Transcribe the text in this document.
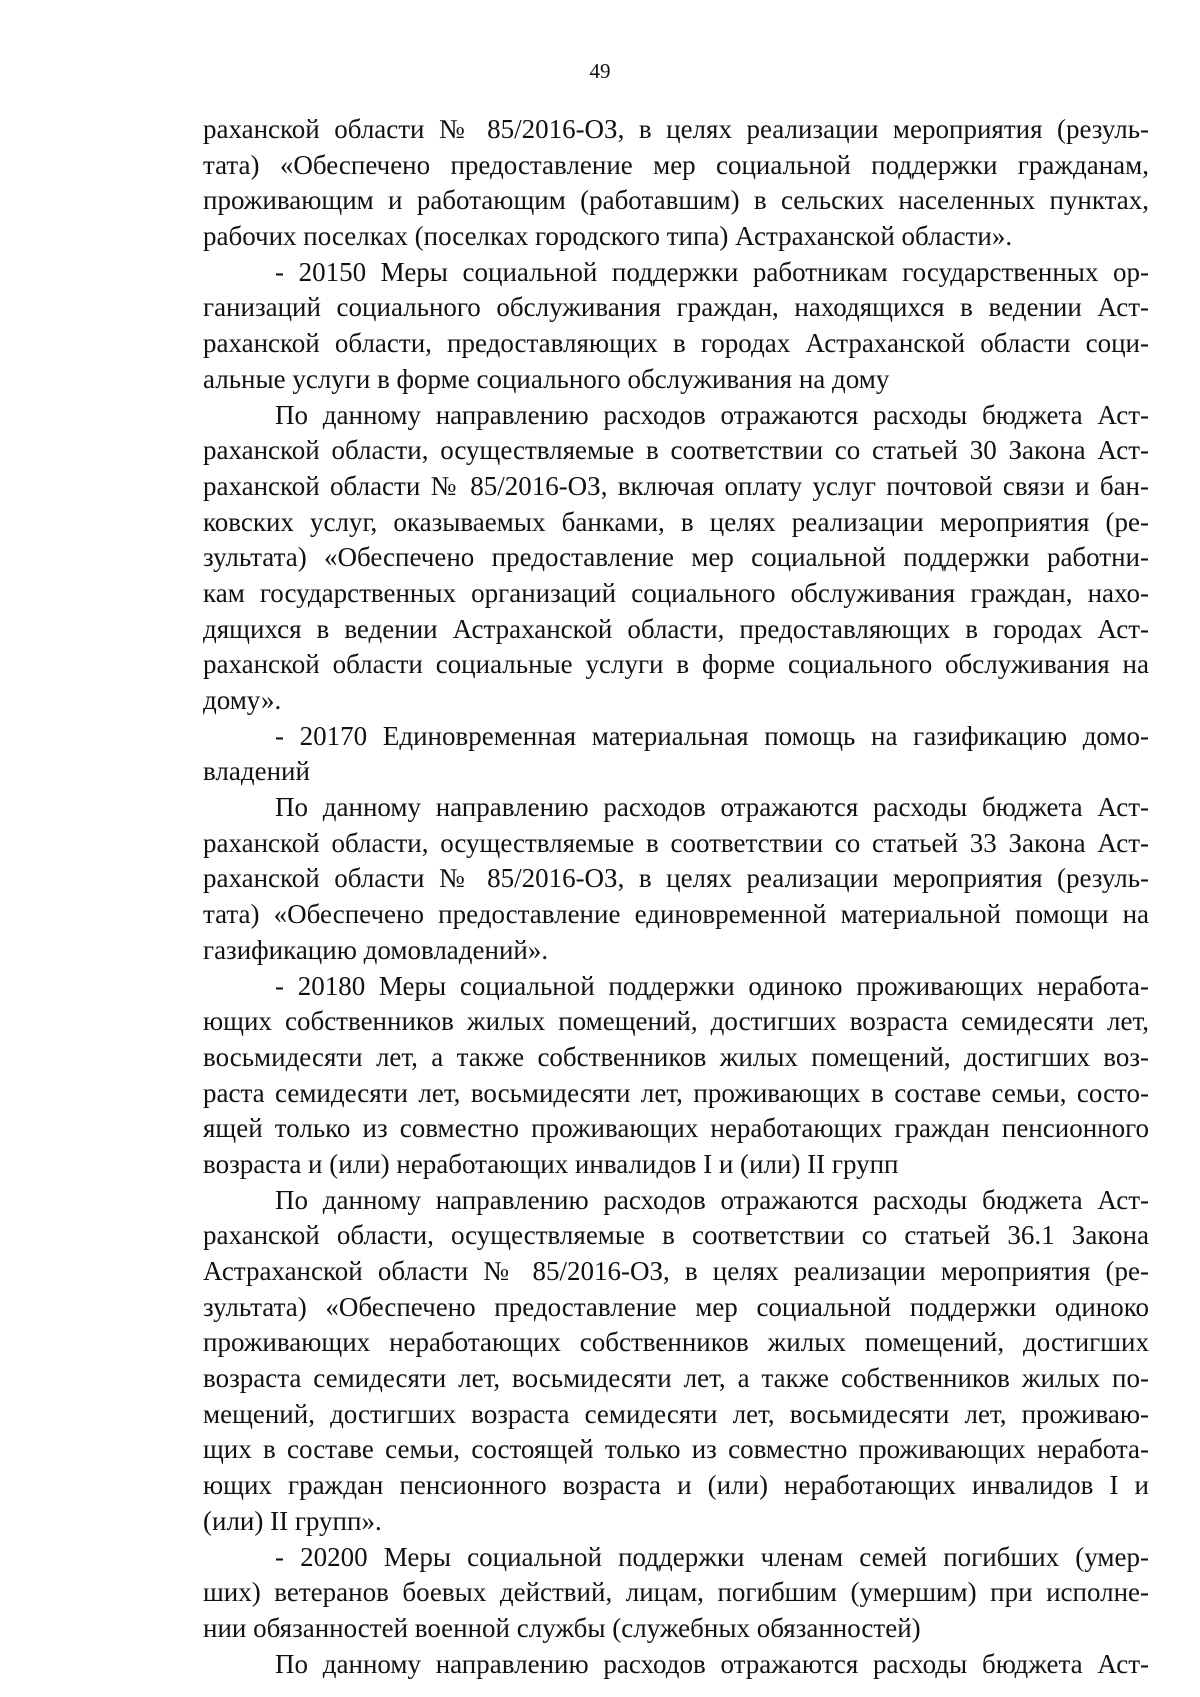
49
раханской области № 85/2016-ОЗ, в целях реализации мероприятия (резуль-
тата) «Обеспечено предоставление мер социальной поддержки гражданам,
проживающим и работающим (работавшим) в сельских населенных пунктах,
рабочих поселках (поселках городского типа) Астраханской области».
- 20150 Меры социальной поддержки работникам государственных ор-
ганизаций социального обслуживания граждан, находящихся в ведении Аст-
раханской области, предоставляющих в городах Астраханской области соци-
альные услуги в форме социального обслуживания на дому
По данному направлению расходов отражаются расходы бюджета Аст-
раханской области, осуществляемые в соответствии со статьей 30 Закона Аст-
раханской области № 85/2016-ОЗ, включая оплату услуг почтовой связи и бан-
ковских услуг, оказываемых банками, в целях реализации мероприятия (ре-
зультата) «Обеспечено предоставление мер социальной поддержки работни-
кам государственных организаций социального обслуживания граждан, нахо-
дящихся в ведении Астраханской области, предоставляющих в городах Аст-
раханской области социальные услуги в форме социального обслуживания на
дому».
- 20170 Единовременная материальная помощь на газификацию домо-
владений
По данному направлению расходов отражаются расходы бюджета Аст-
раханской области, осуществляемые в соответствии со статьей 33 Закона Аст-
раханской области № 85/2016-ОЗ, в целях реализации мероприятия (резуль-
тата) «Обеспечено предоставление единовременной материальной помощи на
газификацию домовладений».
- 20180 Меры социальной поддержки одиноко проживающих неработа-
ющих собственников жилых помещений, достигших возраста семидесяти лет,
восьмидесяти лет, а также собственников жилых помещений, достигших воз-
раста семидесяти лет, восьмидесяти лет, проживающих в составе семьи, состо-
ящей только из совместно проживающих неработающих граждан пенсионного
возраста и (или) неработающих инвалидов I и (или) II групп
По данному направлению расходов отражаются расходы бюджета Аст-
раханской области, осуществляемые в соответствии со статьей 36.1 Закона
Астраханской области № 85/2016-ОЗ, в целях реализации мероприятия (ре-
зультата) «Обеспечено предоставление мер социальной поддержки одиноко
проживающих неработающих собственников жилых помещений, достигших
возраста семидесяти лет, восьмидесяти лет, а также собственников жилых по-
мещений, достигших возраста семидесяти лет, восьмидесяти лет, проживаю-
щих в составе семьи, состоящей только из совместно проживающих неработа-
ющих граждан пенсионного возраста и (или) неработающих инвалидов I и
(или) II групп».
- 20200 Меры социальной поддержки членам семей погибших (умер-
ших) ветеранов боевых действий, лицам, погибшим (умершим) при исполне-
нии обязанностей военной службы (служебных обязанностей)
По данному направлению расходов отражаются расходы бюджета Аст-
